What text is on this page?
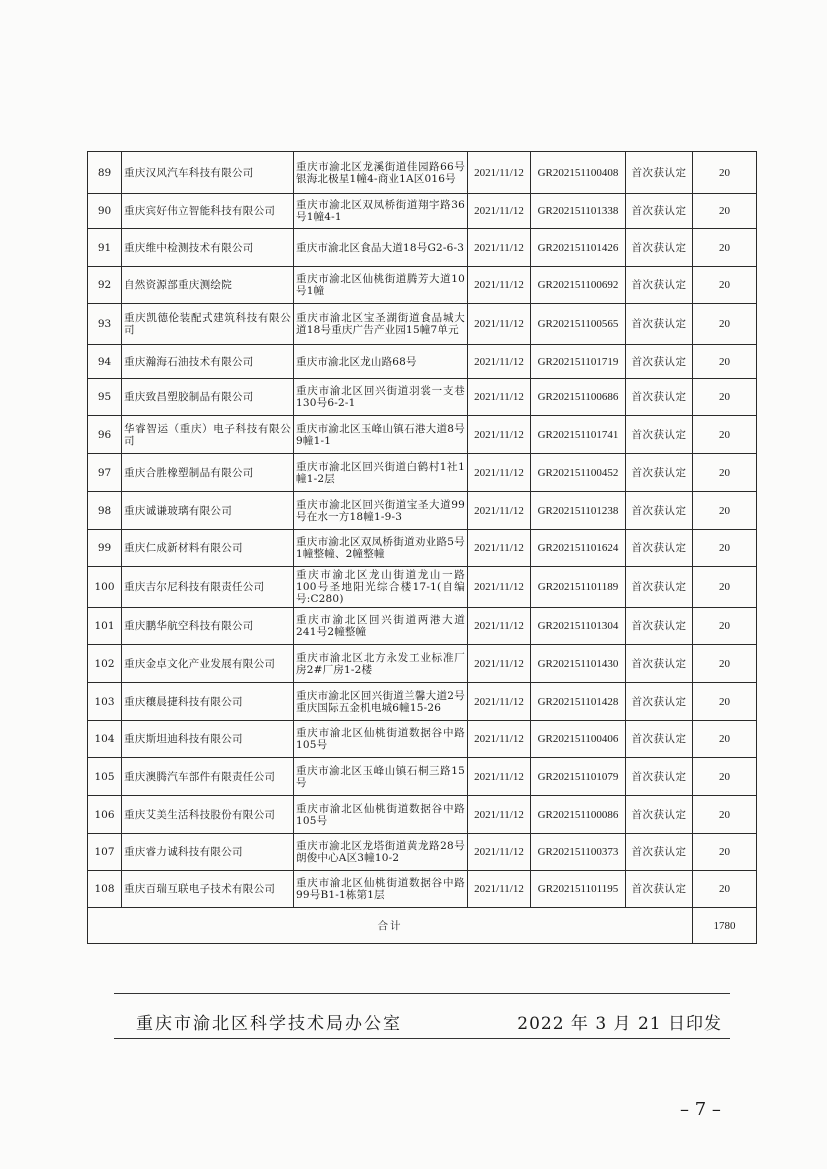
89	重庆汉风汽车科技有限公司	重庆市渝北区龙溪街道佳园路66号银海北极星1幢4-商业1A区016号	2021/11/12	GR202151100408	首次获认定	20
90	重庆宾好伟立智能科技有限公司	重庆市渝北区双凤桥街道翔宇路36号1幢4-1	2021/11/12	GR202151101338	首次获认定	20
91	重庆维中检测技术有限公司	重庆市渝北区食品大道18号G2-6-3	2021/11/12	GR202151101426	首次获认定	20
92	自然资源部重庆测绘院	重庆市渝北区仙桃街道腾芳大道10号1幢	2021/11/12	GR202151100692	首次获认定	20
93	重庆凯德伦装配式建筑科技有限公司	重庆市渝北区宝圣湖街道食品城大道18号重庆广告产业园15幢7单元	2021/11/12	GR202151100565	首次获认定	20
94	重庆瀚海石油技术有限公司	重庆市渝北区龙山路68号	2021/11/12	GR202151101719	首次获认定	20
95	重庆致昌塑胶制品有限公司	重庆市渝北区回兴街道羽裳一支巷130号6-2-1	2021/11/12	GR202151100686	首次获认定	20
96	华睿智运（重庆）电子科技有限公司	重庆市渝北区玉峰山镇石港大道8号9幢1-1	2021/11/12	GR202151101741	首次获认定	20
97	重庆合胜橡塑制品有限公司	重庆市渝北区回兴街道白鹤村1社1幢1-2层	2021/11/12	GR202151100452	首次获认定	20
98	重庆诚谦玻璃有限公司	重庆市渝北区回兴街道宝圣大道99号在水一方18幢1-9-3	2021/11/12	GR202151101238	首次获认定	20
99	重庆仁成新材料有限公司	重庆市渝北区双凤桥街道劝业路5号1幢整幢、2幢整幢	2021/11/12	GR202151101624	首次获认定	20
100	重庆吉尔尼科技有限责任公司	重庆市渝北区龙山街道龙山一路100号圣地阳光综合楼17-1(自编号:C280)	2021/11/12	GR202151101189	首次获认定	20
101	重庆鹏华航空科技有限公司	重庆市渝北区回兴街道两港大道241号2幢整幢	2021/11/12	GR202151101304	首次获认定	20
102	重庆金卓文化产业发展有限公司	重庆市渝北区北方永发工业标准厂房2#厂房1-2楼	2021/11/12	GR202151101430	首次获认定	20
103	重庆穰晨捷科技有限公司	重庆市渝北区回兴街道兰馨大道2号重庆国际五金机电城6幢15-26	2021/11/12	GR202151101428	首次获认定	20
104	重庆斯坦迪科技有限公司	重庆市渝北区仙桃街道数据谷中路105号	2021/11/12	GR202151100406	首次获认定	20
105	重庆澳腾汽车部件有限责任公司	重庆市渝北区玉峰山镇石桐三路15号	2021/11/12	GR202151101079	首次获认定	20
106	重庆艾美生活科技股份有限公司	重庆市渝北区仙桃街道数据谷中路105号	2021/11/12	GR202151100086	首次获认定	20
107	重庆睿力诚科技有限公司	重庆市渝北区龙塔街道黄龙路28号朗俊中心A区3幢10-2	2021/11/12	GR202151100373	首次获认定	20
108	重庆百瑞互联电子技术有限公司	重庆市渝北区仙桃街道数据谷中路99号B1-1栋第1层	2021/11/12	GR202151101195	首次获认定	20
合计						1780
重庆市渝北区科学技术局办公室	2022 年 3 月 21 日印发
– 7 –
